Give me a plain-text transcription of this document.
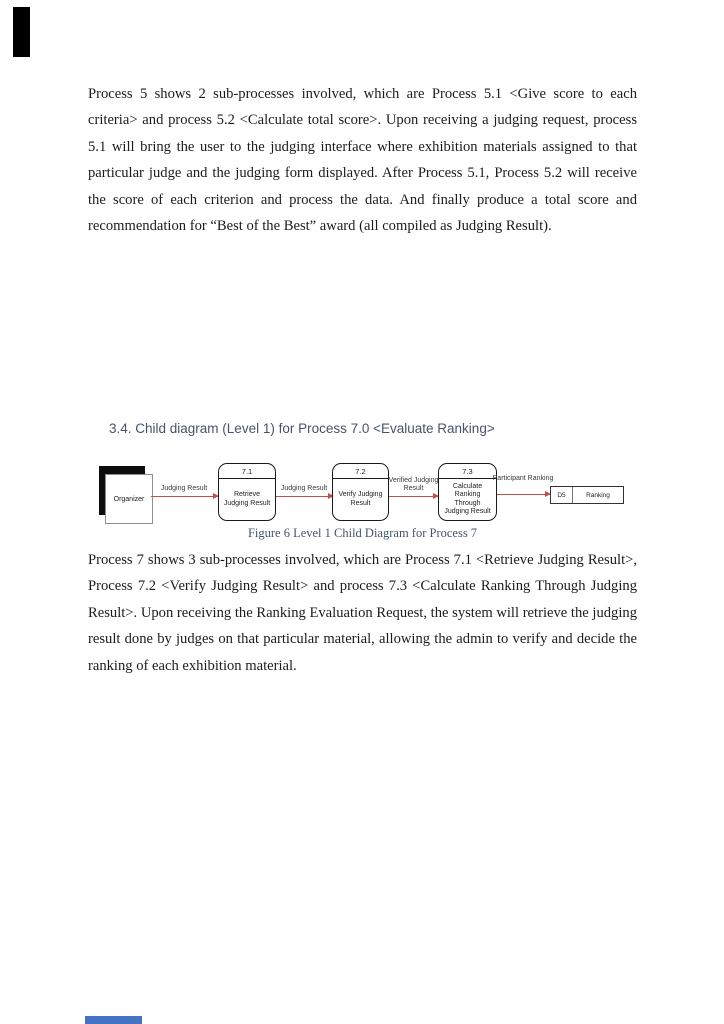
Process 5 shows 2 sub-processes involved, which are Process 5.1 <Give score to each criteria> and process 5.2 <Calculate total score>. Upon receiving a judging request, process 5.1 will bring the user to the judging interface where exhibition materials assigned to that particular judge and the judging form displayed. After Process 5.1, Process 5.2 will receive the score of each criterion and process the data. And finally produce a total score and recommendation for “Best of the Best” award (all compiled as Judging Result).

3.4. Child diagram (Level 1) for Process 7.0 <Evaluate Ranking>
Organizer
Judging Result
7.1
Retrieve Judging Result
Judging Result
7.2
Verify Judging Result
Verified Judging Result
7.3
Calculate Ranking Through Judging Result
Participant Ranking
D5	Ranking
Figure 6 Level 1 Child Diagram for Process 7

Process 7 shows 3 sub-processes involved, which are Process 7.1 <Retrieve Judging Result>, Process 7.2 <Verify Judging Result> and process 7.3 <Calculate Ranking Through Judging Result>. Upon receiving the Ranking Evaluation Request, the system will retrieve the judging result done by judges on that particular material, allowing the admin to verify and decide the ranking of each exhibition material.
